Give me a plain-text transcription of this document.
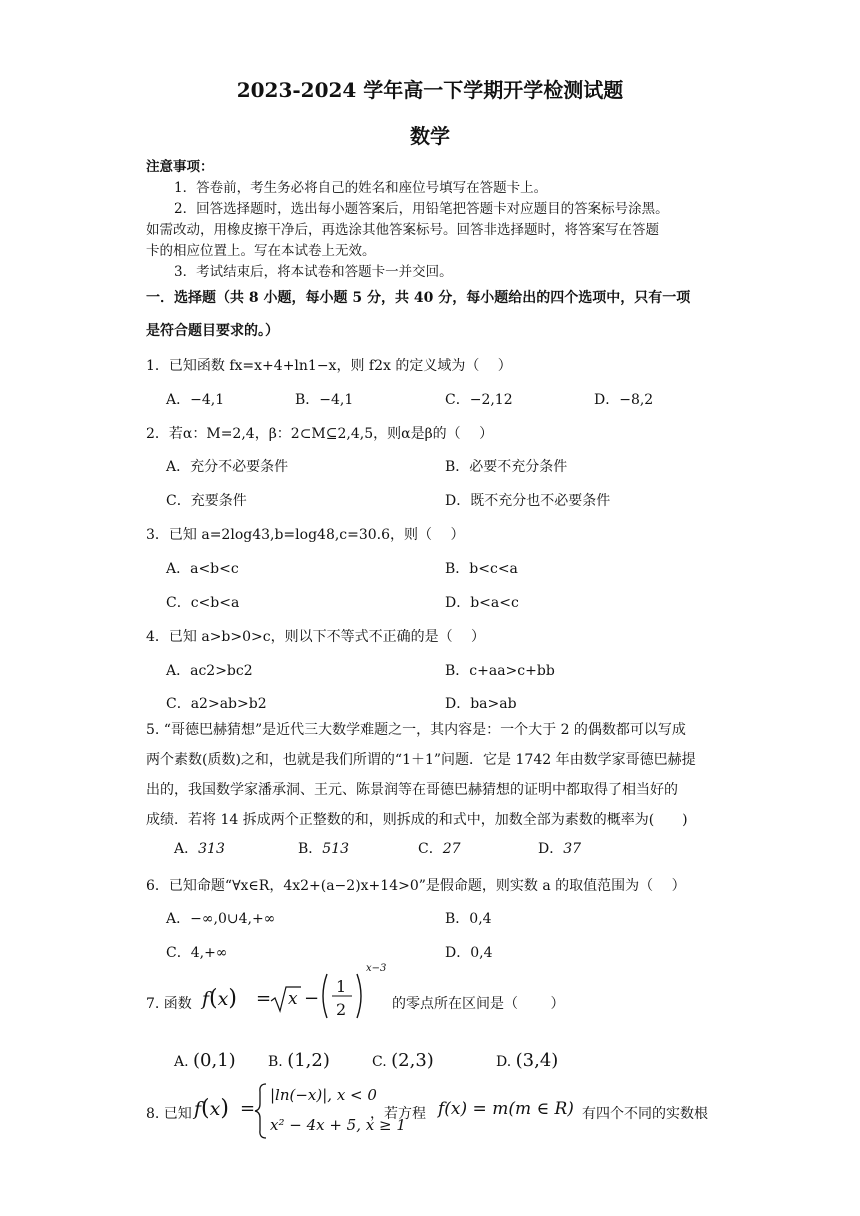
2023-2024 学年高一下学期开学检测试题
数学
注意事项：
1．答卷前，考生务必将自己的姓名和座位号填写在答题卡上。
2．回答选择题时，选出每小题答案后，用铅笔把答题卡对应题目的答案标号涂黑。
如需改动，用橡皮擦干净后，再选涂其他答案标号。回答非选择题时，将答案写在答题
卡的相应位置上。写在本试卷上无效。
3．考试结束后，将本试卷和答题卡一并交回。
一．选择题（共 8 小题，每小题 5 分，共 40 分，每小题给出的四个选项中，只有一项
是符合题目要求的。）
1．已知函数 fx=x+4+ln1−x，则 f2x 的定义域为（　 ）
A．−4,1	B．−4,1	C．−2,12	D．−8,2
2．若α：M=2,4，β：2⊂M⊆2,4,5，则α是β的（　 ）
A．充分不必要条件	B．必要不充分条件
C．充要条件	D．既不充分也不必要条件
3．已知 a=2log43,b=log48,c=30.6，则（　 ）
A．a<b<c	B．b<c<a
C．c<b<a	D．b<a<c
4．已知 a>b>0>c，则以下不等式不正确的是（　 ）
A．ac2>bc2	B．c+aa>c+bb
C．a2>ab>b2	D．ba>ab
5. “哥德巴赫猜想”是近代三大数学难题之一，其内容是：一个大于 2 的偶数都可以写成
两个素数(质数)之和，也就是我们所谓的“1＋1”问题．它是 1742 年由数学家哥德巴赫提
出的，我国数学家潘承洞、王元、陈景润等在哥德巴赫猜想的证明中都取得了相当好的
成绩．若将 14 拆成两个正整数的和，则拆成的和式中，加数全部为素数的概率为(　　)
A．313	B．513	C．27	D．37
6．已知命题“∀x∈R，4x2+(a−2)x+14>0”是假命题，则实数 a 的取值范围为（　 ）
A．−∞,0∪4,+∞	B．0,4
C．4,+∞	D．0,4
7. 函数 f(x) = x −
1
2
x−3
的零点所在区间是（　　 ）
A. (0,1) B. (1,2)	C. (2,3)	D. (3,4)
8. 已知 f(x) =
|ln(−x)|, x < 0
x² − 4x + 5, x ≥ 1
，若方程 f(x) = m(m ∈ R) 有四个不同的实数根
